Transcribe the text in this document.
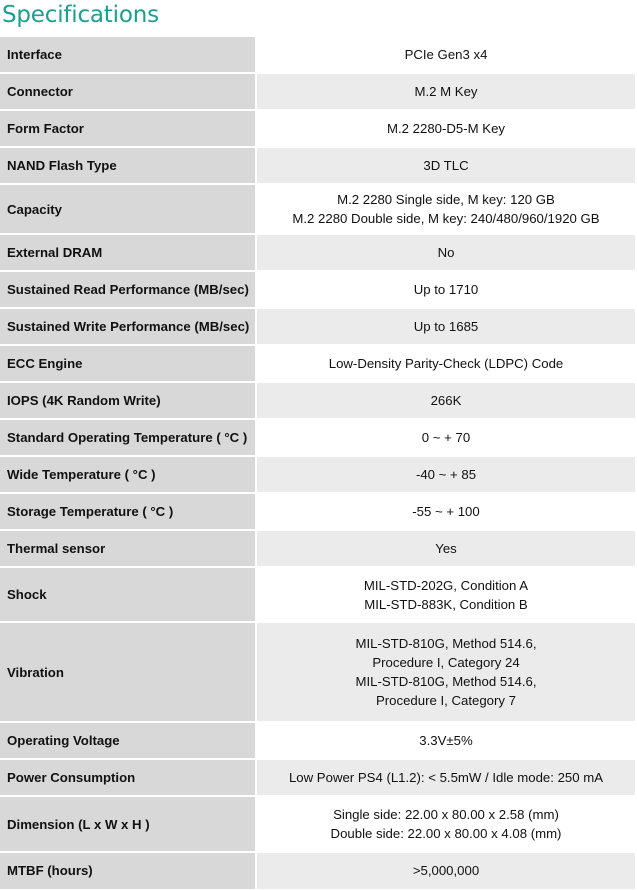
Specifications
Interface	PCIe Gen3 x4

Connector	M.2 M Key

Form Factor	M.2 2280-D5-M Key

NAND Flash Type	3D TLC

Capacity	M.2 2280 Single side, M key: 120 GB
M.2 2280 Double side, M key: 240/480/960/1920 GB

External DRAM	No

Sustained Read Performance (MB/sec)	Up to 1710

Sustained Write Performance (MB/sec)	Up to 1685

ECC Engine	Low-Density Parity-Check (LDPC) Code

IOPS (4K Random Write)	266K

Standard Operating Temperature ( °C )	0 ~ + 70

Wide Temperature ( °C )	-40 ~ + 85

Storage Temperature ( °C )	-55 ~ + 100

Thermal sensor	Yes

Shock	MIL-STD-202G, Condition A
MIL-STD-883K, Condition B

Vibration	MIL-STD-810G, Method 514.6,
Procedure I, Category 24
MIL-STD-810G, Method 514.6,
Procedure I, Category 7

Operating Voltage	3.3V±5%

Power Consumption	Low Power PS4 (L1.2): < 5.5mW / Idle mode: 250 mA

Dimension (L x W x H )	Single side: 22.00 x 80.00 x 2.58 (mm)
Double side: 22.00 x 80.00 x 4.08 (mm)

MTBF (hours)	>5,000,000
